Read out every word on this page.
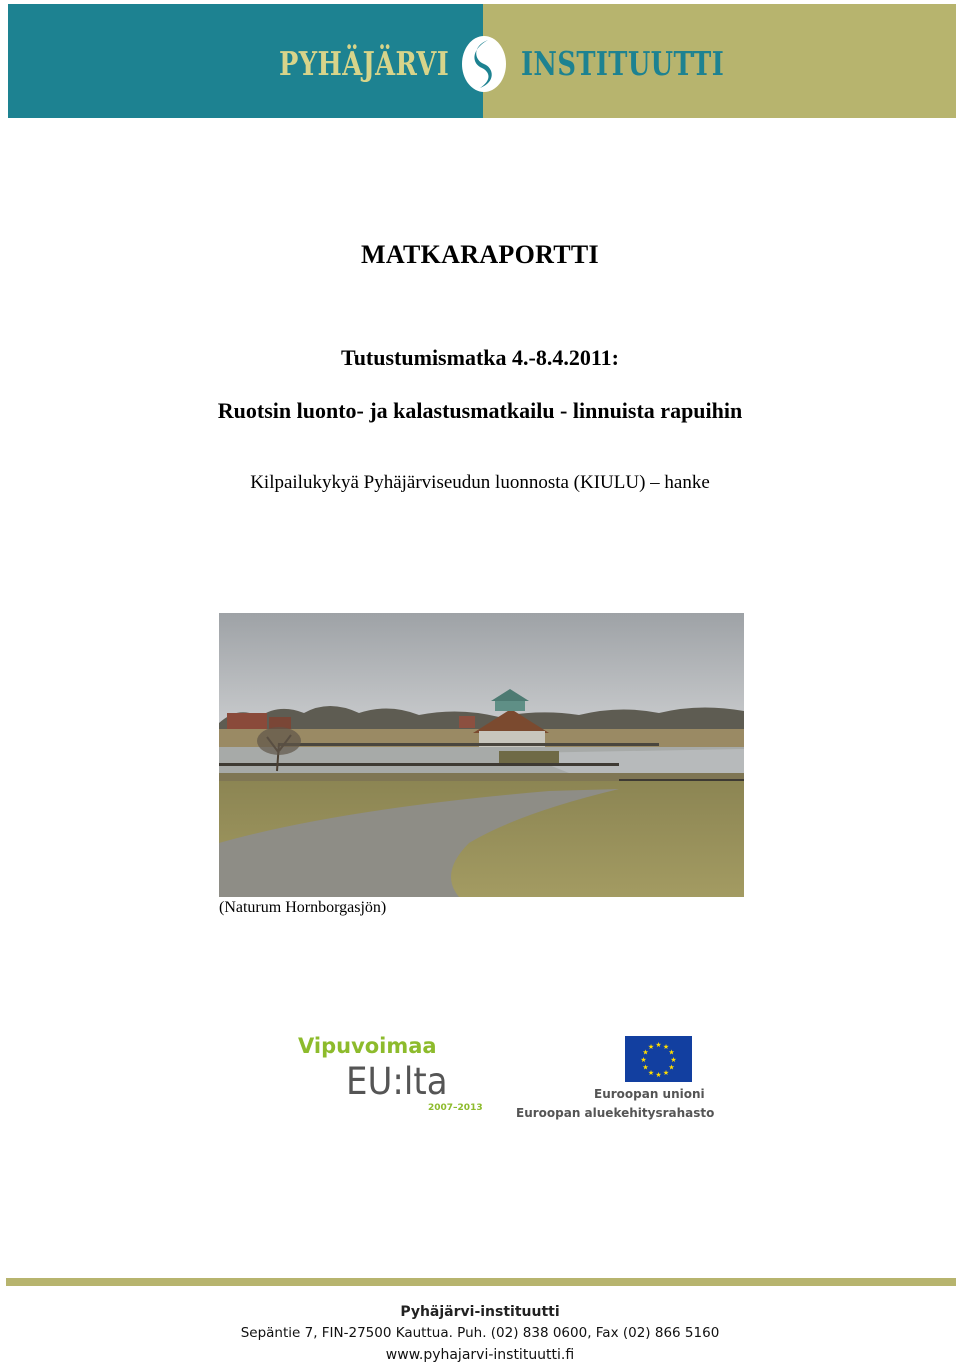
PYHÄJÄRVI INSTITUUTTI
MATKARAPORTTI
Tutustumismatka 4.-8.4.2011:
Ruotsin luonto- ja kalastusmatkailu - linnuista rapuihin
Kilpailukykyä Pyhäjärviseudun luonnosta (KIULU) – hanke
(Naturum Hornborgasjön)
Vipuvoimaa
EU:lta
2007–2013
★ ★
★
★
★
★
★
★
★
★
★
★
Euroopan unioni
Euroopan aluekehitysrahasto
Pyhäjärvi-instituutti
Sepäntie 7, FIN-27500 Kauttua. Puh. (02) 838 0600, Fax (02) 866 5160
www.pyhajarvi-instituutti.fi
